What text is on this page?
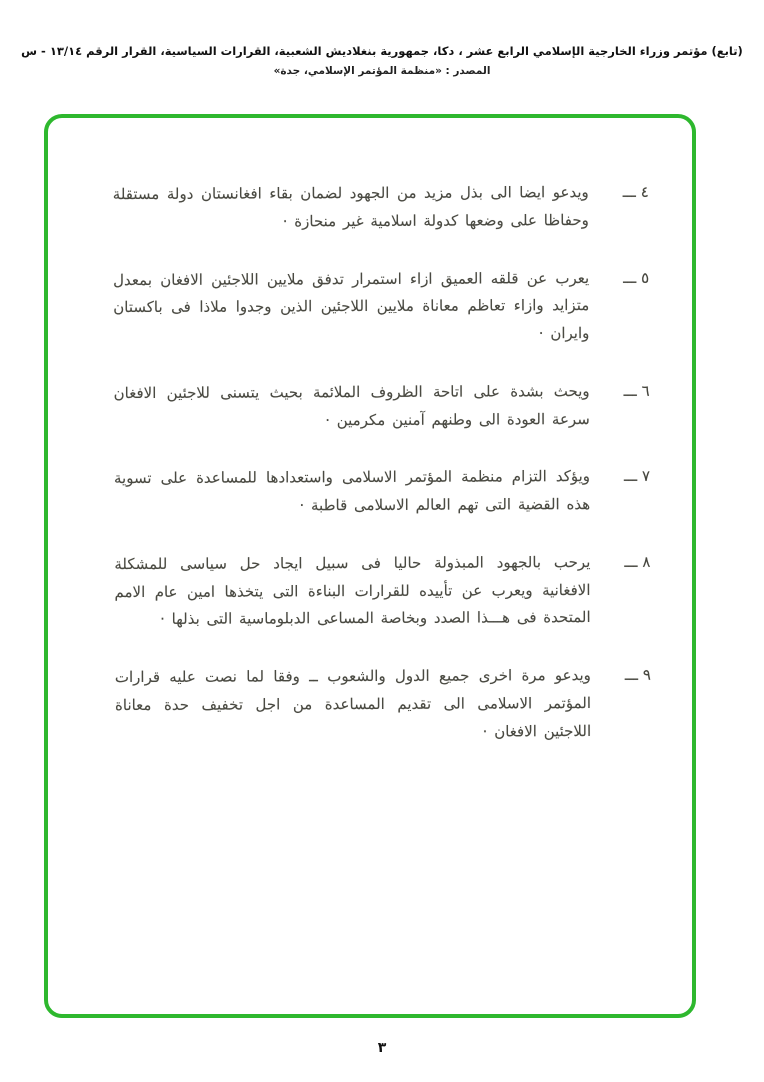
(تابع) مؤتمر وزراء الخارجية الإسلامي الرابع عشر ، دكا، جمهورية بنغلاديش الشعبية، القرارات السياسية، القرار الرقم ١٣/١٤ - س
المصدر : «منظمة المؤتمر الإسلامي، جدة»
٤ ـــ
ويدعو ايضا الى بذل مزيد من الجهود لضمان بقاء افغانستان دولة مستقلة وحفاظا على وضعها كدولة اسلامية غير منحازة ·
٥ ـــ
يعرب عن قلقه العميق ازاء استمرار تدفق ملايين اللاجئين الافغان بمعدل متزايد وازاء تعاظم معاناة ملايين اللاجئين الذين وجدوا ملاذا فى باكستان وايران ·
٦ ـــ
ويحث بشدة على اتاحة الظروف الملائمة بحيث يتسنى للاجئين الافغان سرعة العودة الى وطنهم آمنين مكرمين ·
٧ ـــ
ويؤكد التزام منظمة المؤتمر الاسلامى واستعدادها للمساعدة على تسوية هذه القضية التى تهم العالم الاسلامى قاطبة ·
٨ ـــ
يرحب بالجهود المبذولة حاليا فى سبيل ايجاد حل سياسى للمشكلة الافغانية ويعرب عن تأييده للقرارات البناءة التى يتخذها امين عام الامم المتحدة فى هـــذا الصدد وبخاصة المساعى الدبلوماسية التى بذلها ·
٩ ـــ
ويدعو مرة اخرى جميع الدول والشعوب ــ وفقا لما نصت عليه قرارات المؤتمر الاسلامى الى تقديم المساعدة من اجل تخفيف حدة معاناة اللاجئين الافغان ·
٣
